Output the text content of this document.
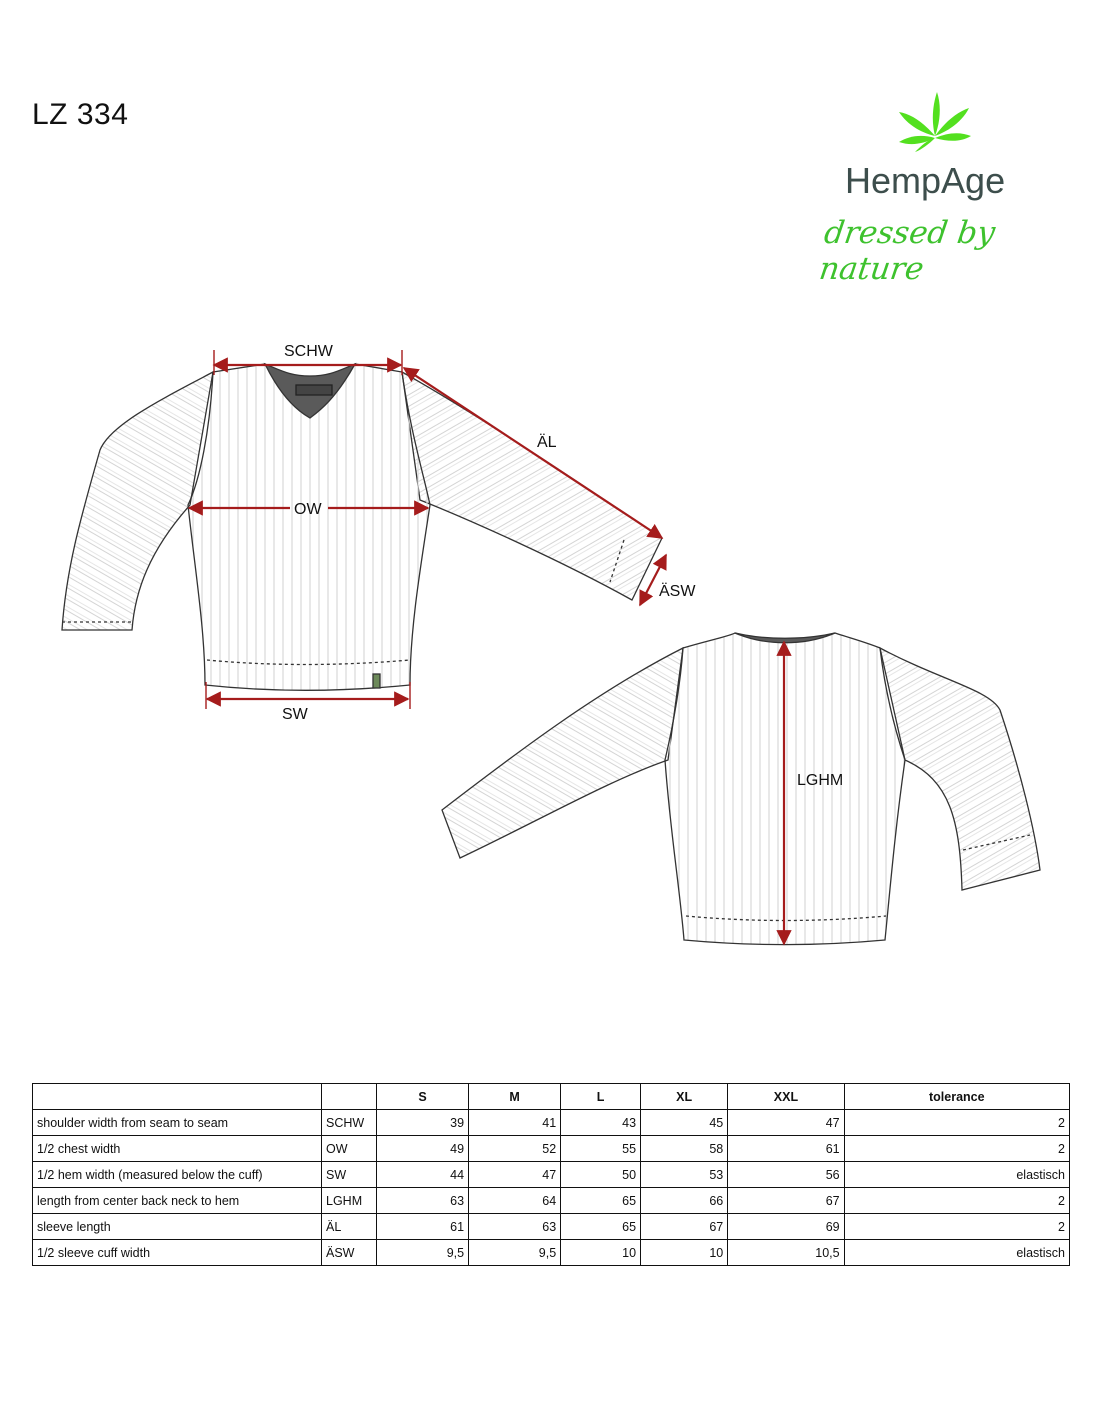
LZ 334
HempAge
dressed by nature
SCHW
ÄL
OW
ÄSW
SW
LGHM
		S	M	L	XL	XXL	tolerance
shoulder width from seam to seam	SCHW	39	41	43	45	47	2
1/2 chest width	OW	49	52	55	58	61	2
1/2 hem width (measured below the cuff)	SW	44	47	50	53	56	elastisch
length from center back neck to hem	LGHM	63	64	65	66	67	2
sleeve length	ÄL	61	63	65	67	69	2
1/2 sleeve cuff width	ÄSW	9,5	9,5	10	10	10,5	elastisch
